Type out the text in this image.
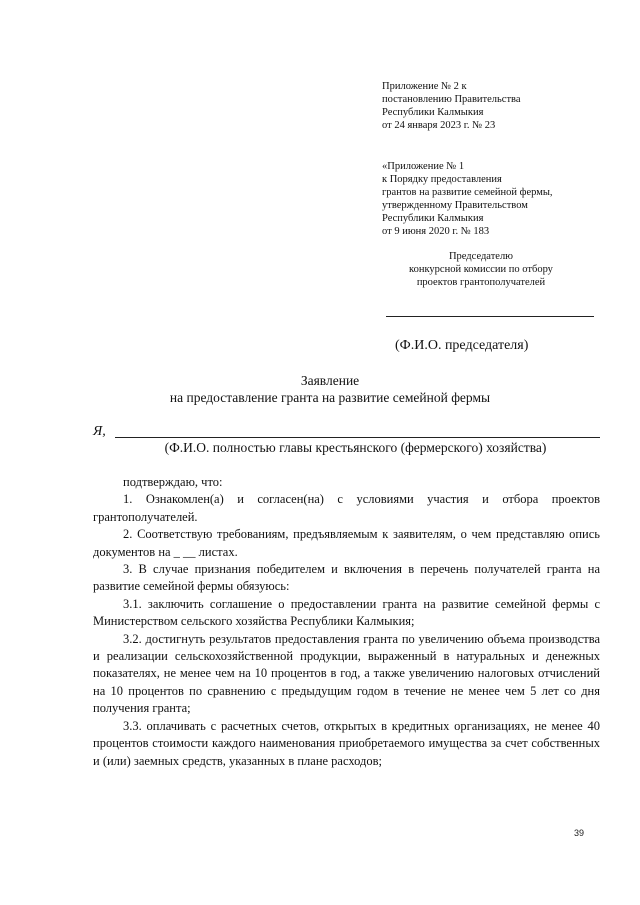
Приложение № 2 к
постановлению Правительства
Республики Калмыкия
от 24 января 2023 г. № 23
«Приложение № 1
к Порядку предоставления
грантов на развитие семейной фермы,
утвержденному Правительством
Республики Калмыкия
от 9 июня 2020 г. № 183
Председателю
конкурсной комиссии по отбору
проектов грантополучателей
(Ф.И.О. председателя)
Заявление
на предоставление гранта на развитие семейной фермы
Я,
(Ф.И.О. полностью главы крестьянского (фермерского) хозяйства)

подтверждаю, что:

1. Ознакомлен(а) и согласен(на) с условиями участия и отбора проектов грантополучателей.

2. Соответствую требованиям, предъявляемым к заявителям, о чем представляю опись документов на _ __ листах.

3. В случае признания победителем и включения в перечень получателей гранта на развитие семейной фермы обязуюсь:

3.1. заключить соглашение о предоставлении гранта на развитие семейной фермы с Министерством сельского хозяйства Республики Калмыкия;

3.2. достигнуть результатов предоставления гранта по увеличению объема производства и реализации сельскохозяйственной продукции, выраженный в натуральных и денежных показателях, не менее чем на 10 процентов в год, а также увеличению налоговых отчислений на 10 процентов по сравнению с предыдущим годом в течение не менее чем 5 лет со дня получения гранта;

3.3. оплачивать с расчетных счетов, открытых в кредитных организациях, не менее 40 процентов стоимости каждого наименования приобретаемого имущества за счет собственных и (или) заемных средств, указанных в плане расходов;

39
